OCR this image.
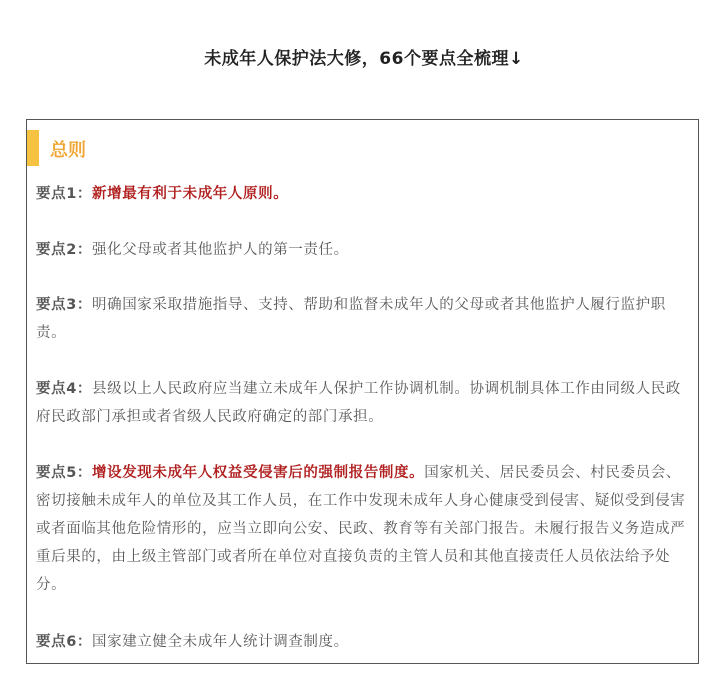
未成年人保护法大修，66个要点全梳理↓
总则
要点1：新增最有利于未成年人原则。
要点2：强化父母或者其他监护人的第一责任。
要点3：明确国家采取措施指导、支持、帮助和监督未成年人的父母或者其他监护人履行监护职责。
要点4：县级以上人民政府应当建立未成年人保护工作协调机制。协调机制具体工作由同级人民政府民政部门承担或者省级人民政府确定的部门承担。
要点5：增设发现未成年人权益受侵害后的强制报告制度。国家机关、居民委员会、村民委员会、密切接触未成年人的单位及其工作人员，在工作中发现未成年人身心健康受到侵害、疑似受到侵害或者面临其他危险情形的，应当立即向公安、民政、教育等有关部门报告。未履行报告义务造成严重后果的，由上级主管部门或者所在单位对直接负责的主管人员和其他直接责任人员依法给予处分。
要点6：国家建立健全未成年人统计调查制度。
